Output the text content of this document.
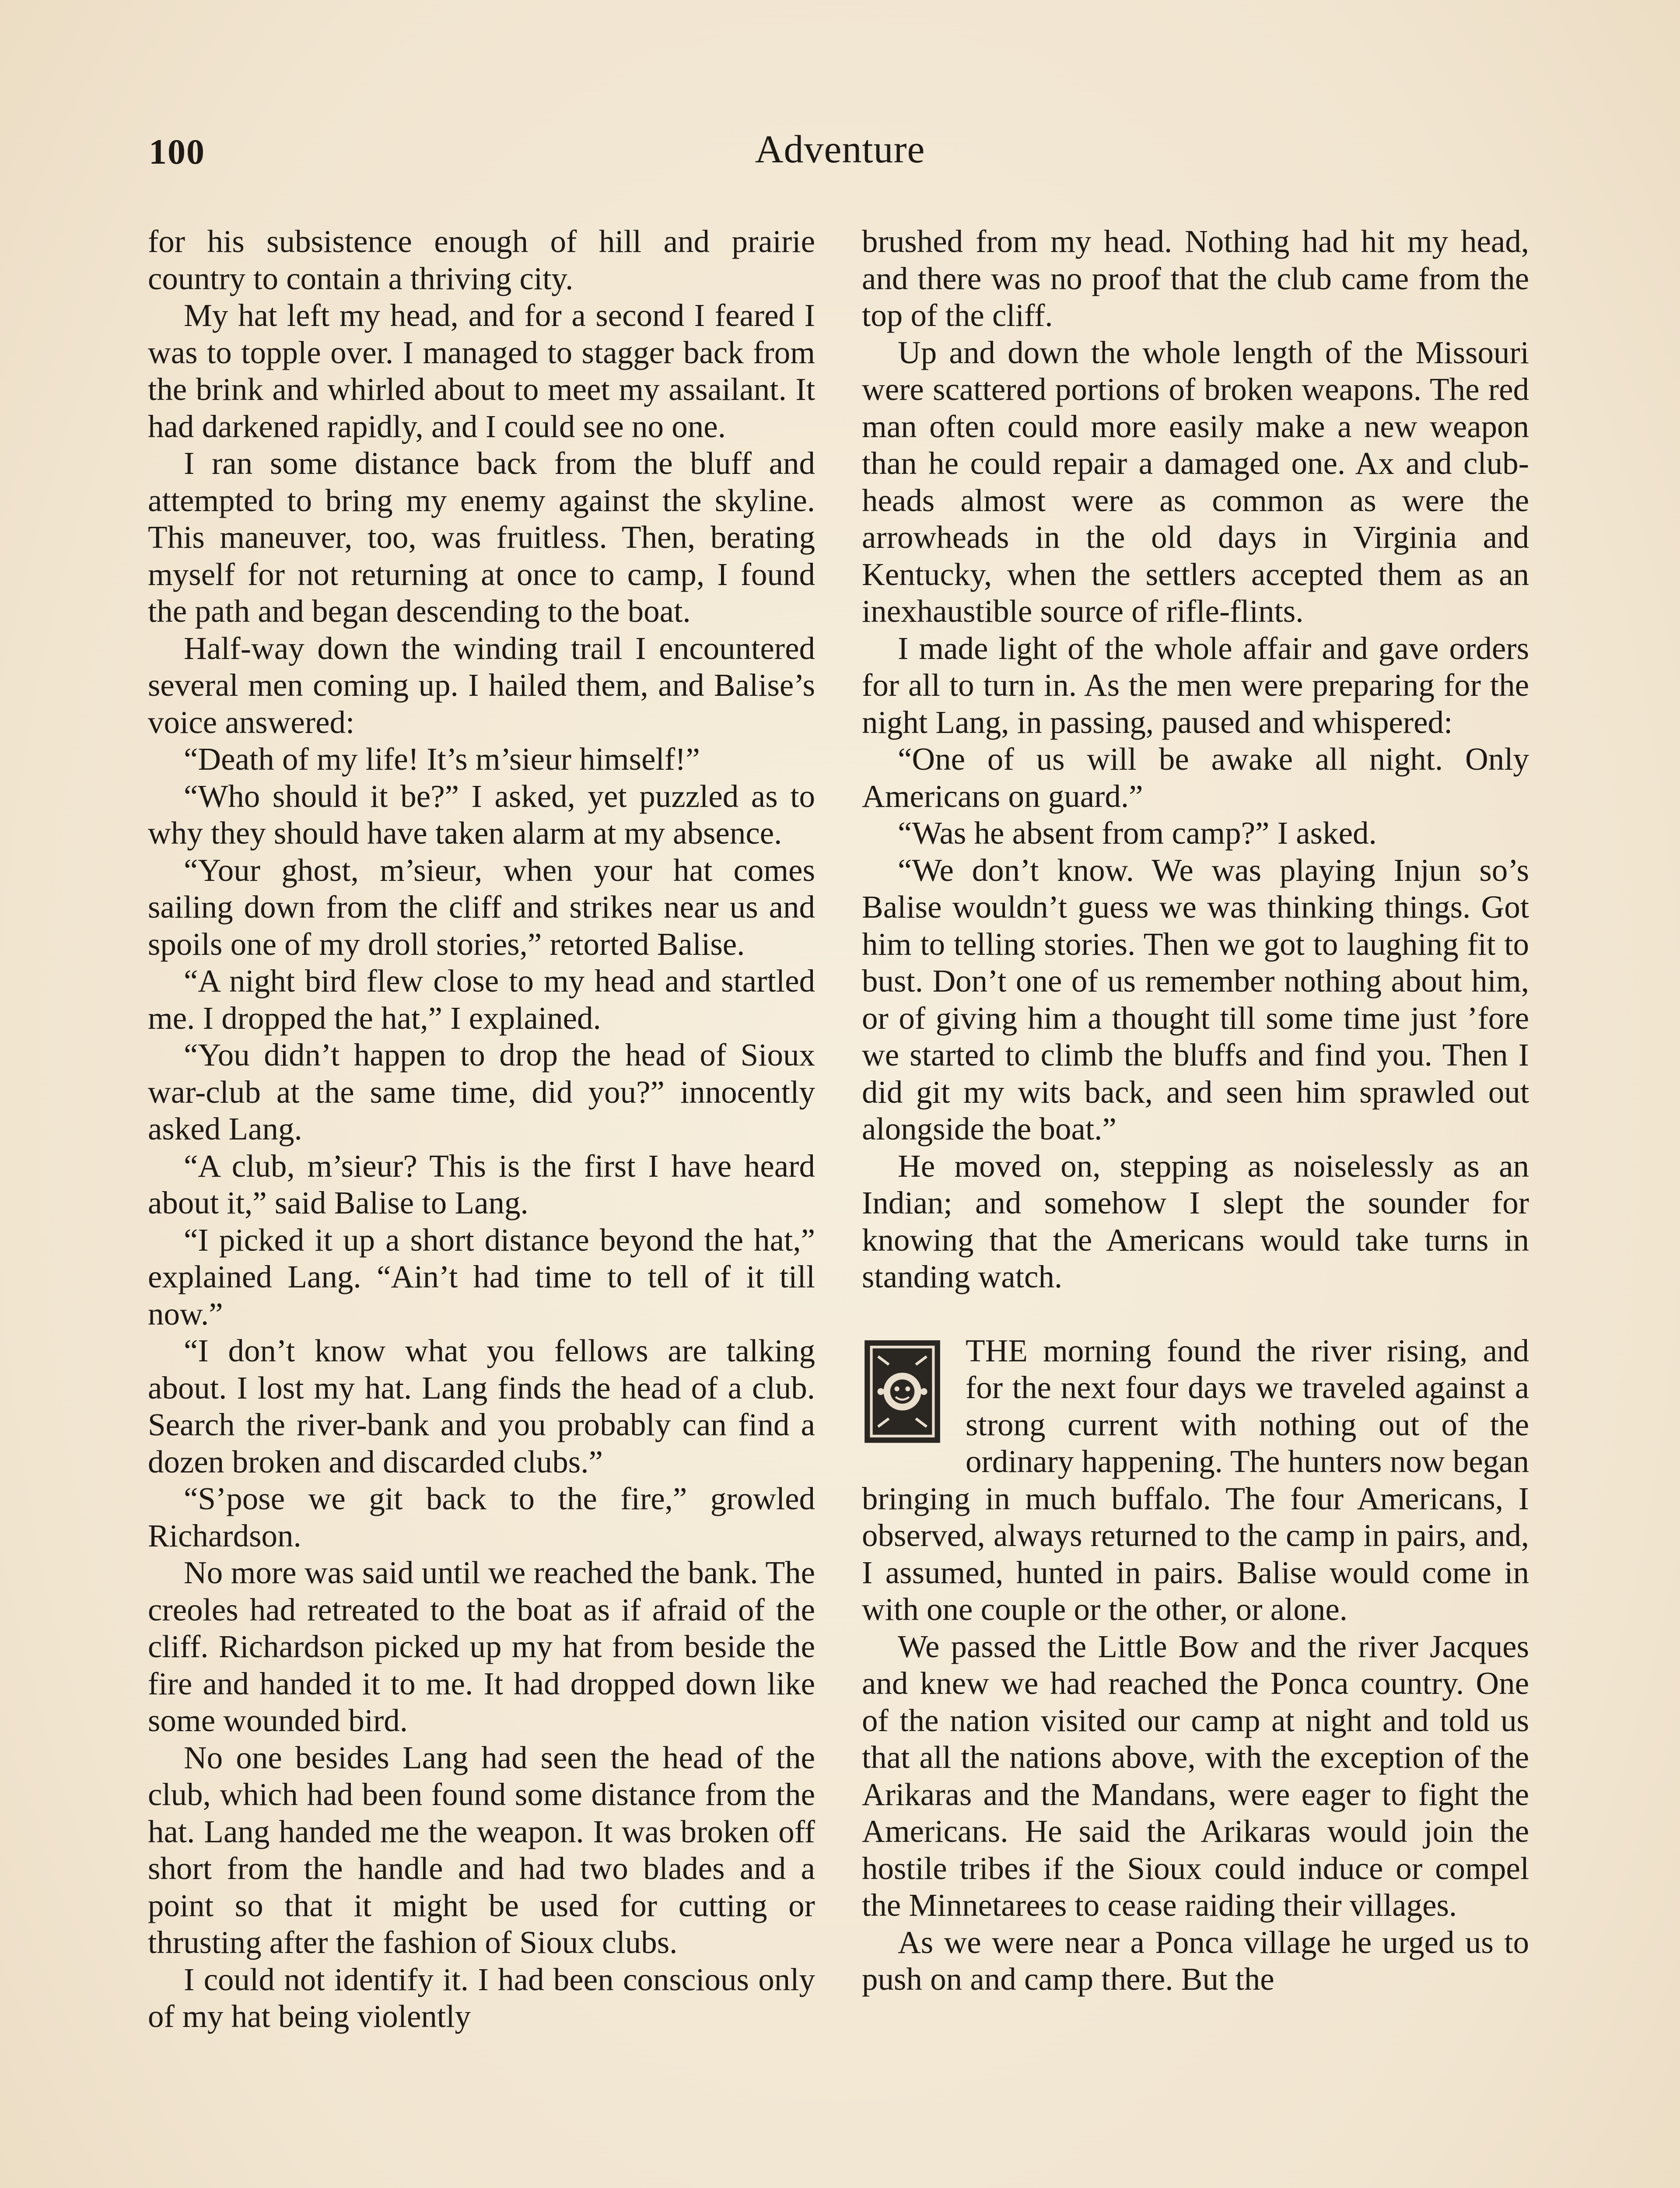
100	Adventure

for his subsistence enough of hill and prairie country to contain a thriving city.

My hat left my head, and for a second I feared I was to topple over. I managed to stagger back from the brink and whirled about to meet my assailant. It had darkened rapidly, and I could see no one.

I ran some distance back from the bluff and attempted to bring my enemy against the skyline. This maneuver, too, was fruitless. Then, berating myself for not returning at once to camp, I found the path and began descending to the boat.

Half-way down the winding trail I encountered several men coming up. I hailed them, and Balise’s voice answered:

“Death of my life! It’s m’sieur himself!”

“Who should it be?” I asked, yet puzzled as to why they should have taken alarm at my absence.

“Your ghost, m’sieur, when your hat comes sailing down from the cliff and strikes near us and spoils one of my droll stories,” retorted Balise.

“A night bird flew close to my head and startled me. I dropped the hat,” I explained.

“You didn’t happen to drop the head of Sioux war-club at the same time, did you?” innocently asked Lang.

“A club, m’sieur? This is the first I have heard about it,” said Balise to Lang.

“I picked it up a short distance beyond the hat,” explained Lang. “Ain’t had time to tell of it till now.”

“I don’t know what you fellows are talking about. I lost my hat. Lang finds the head of a club. Search the river-bank and you probably can find a dozen broken and discarded clubs.”

“S’pose we git back to the fire,” growled Richardson.

No more was said until we reached the bank. The creoles had retreated to the boat as if afraid of the cliff. Richardson picked up my hat from beside the fire and handed it to me. It had dropped down like some wounded bird.

No one besides Lang had seen the head of the club, which had been found some distance from the hat. Lang handed me the weapon. It was broken off short from the handle and had two blades and a point so that it might be used for cutting or thrusting after the fashion of Sioux clubs.

I could not identify it. I had been conscious only of my hat being violently

brushed from my head. Nothing had hit my head, and there was no proof that the club came from the top of the cliff.

Up and down the whole length of the Missouri were scattered portions of broken weapons. The red man often could more easily make a new weapon than he could repair a damaged one. Ax and club-heads almost were as common as were the arrowheads in the old days in Virginia and Kentucky, when the settlers accepted them as an inexhaustible source of rifle-flints.

I made light of the whole affair and gave orders for all to turn in. As the men were preparing for the night Lang, in passing, paused and whispered:

“One of us will be awake all night. Only Americans on guard.”

“Was he absent from camp?” I asked.

“We don’t know. We was playing Injun so’s Balise wouldn’t guess we was thinking things. Got him to telling stories. Then we got to laughing fit to bust. Don’t one of us remember nothing about him, or of giving him a thought till some time just ’fore we started to climb the bluffs and find you. Then I did git my wits back, and seen him sprawled out alongside the boat.”

He moved on, stepping as noiselessly as an Indian; and somehow I slept the sounder for knowing that the Americans would take turns in standing watch.

THE morning found the river rising, and for the next four days we traveled against a strong current with nothing out of the ordinary happening. The hunters now began bringing in much buffalo. The four Americans, I observed, always returned to the camp in pairs, and, I assumed, hunted in pairs. Balise would come in with one couple or the other, or alone.

We passed the Little Bow and the river Jacques and knew we had reached the Ponca country. One of the nation visited our camp at night and told us that all the nations above, with the exception of the Arikaras and the Mandans, were eager to fight the Americans. He said the Arikaras would join the hostile tribes if the Sioux could induce or compel the Minnetarees to cease raiding their villages.

As we were near a Ponca village he urged us to push on and camp there. But the
